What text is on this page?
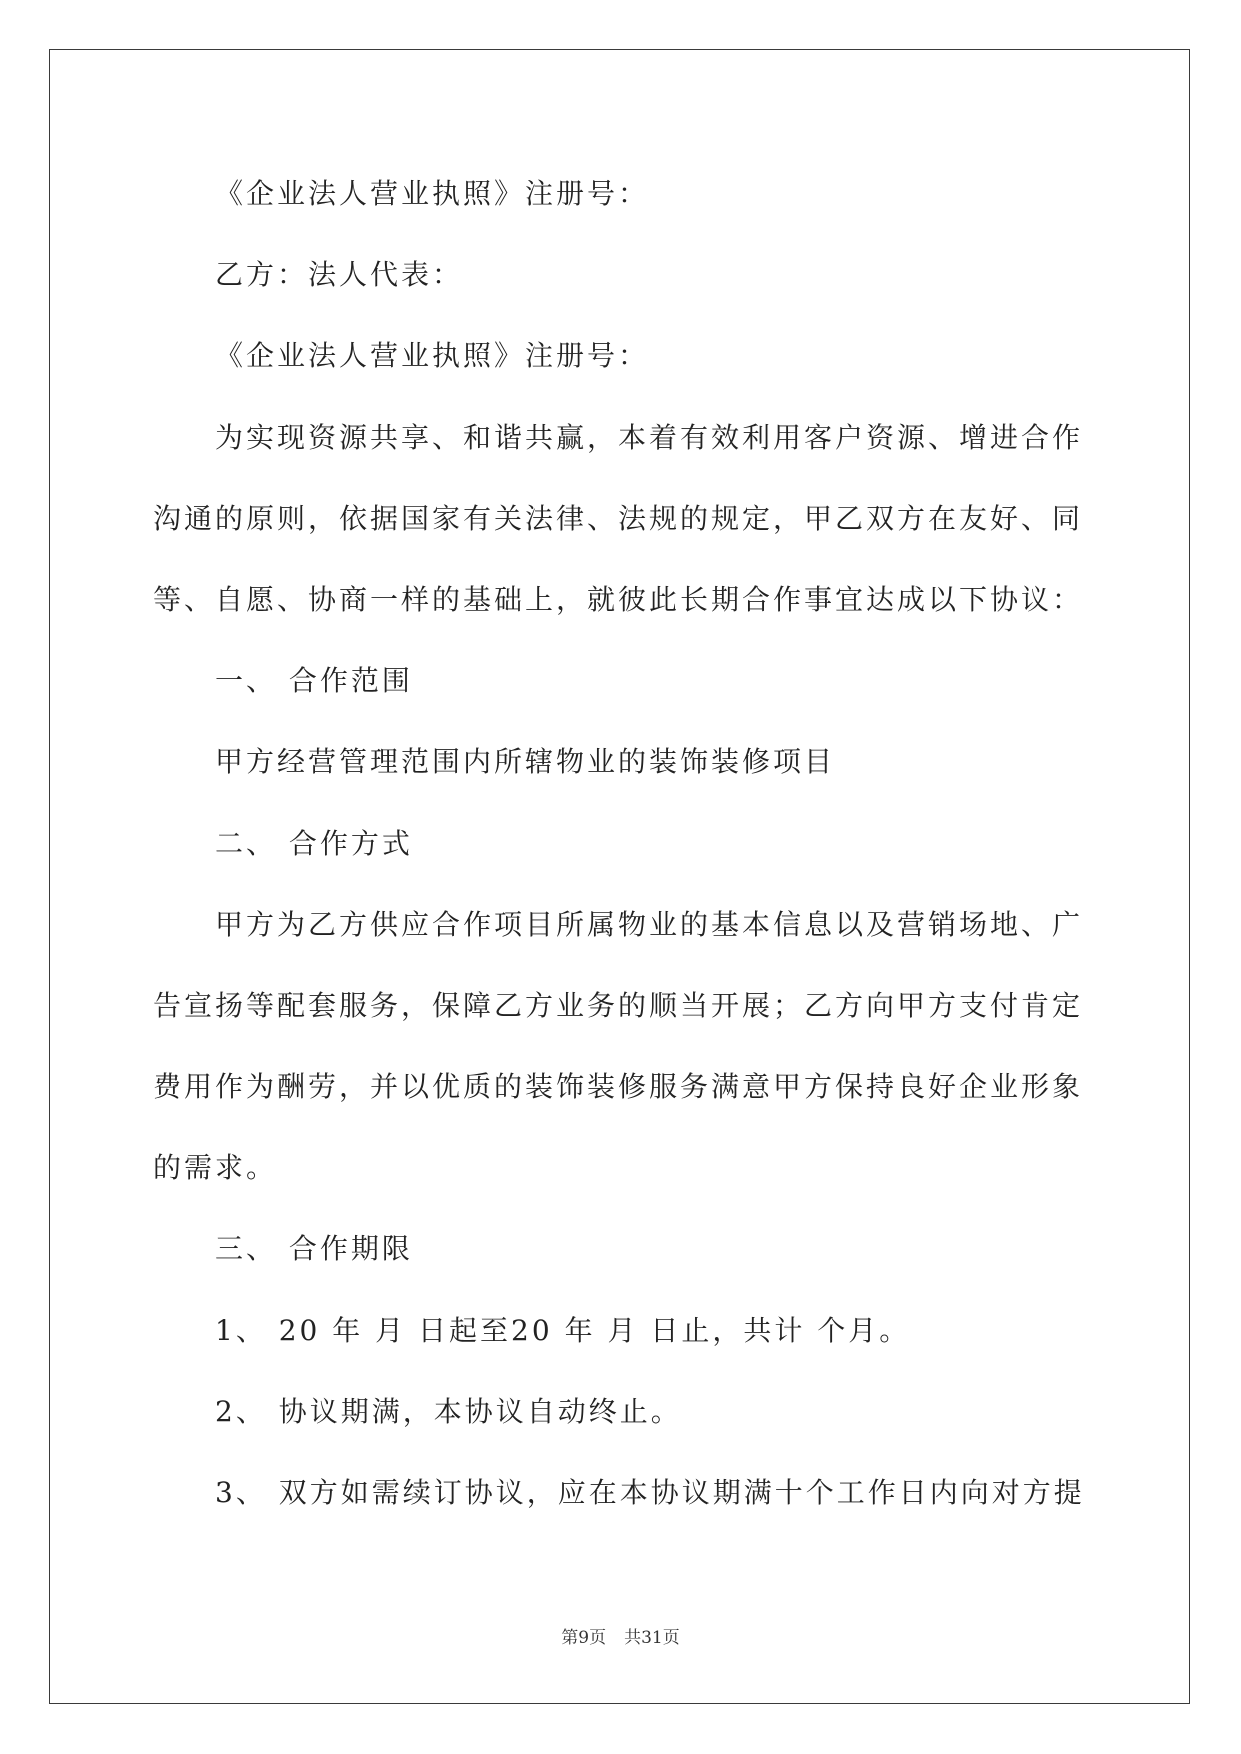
《企业法人营业执照》注册号：
乙方：法人代表：
《企业法人营业执照》注册号：
为实现资源共享、和谐共赢，本着有效利用客户资源、增进合作
沟通的原则，依据国家有关法律、法规的规定，甲乙双方在友好、同
等、自愿、协商一样的基础上，就彼此长期合作事宜达成以下协议：
一、 合作范围
甲方经营管理范围内所辖物业的装饰装修项目
二、 合作方式
甲方为乙方供应合作项目所属物业的基本信息以及营销场地、广
告宣扬等配套服务，保障乙方业务的顺当开展；乙方向甲方支付肯定
费用作为酬劳，并以优质的装饰装修服务满意甲方保持良好企业形象
的需求。
三、 合作期限
1、 20 年 月 日起至20 年 月 日止，共计 个月。
2、 协议期满，本协议自动终止。
3、 双方如需续订协议，应在本协议期满十个工作日内向对方提
第9页 共31页
